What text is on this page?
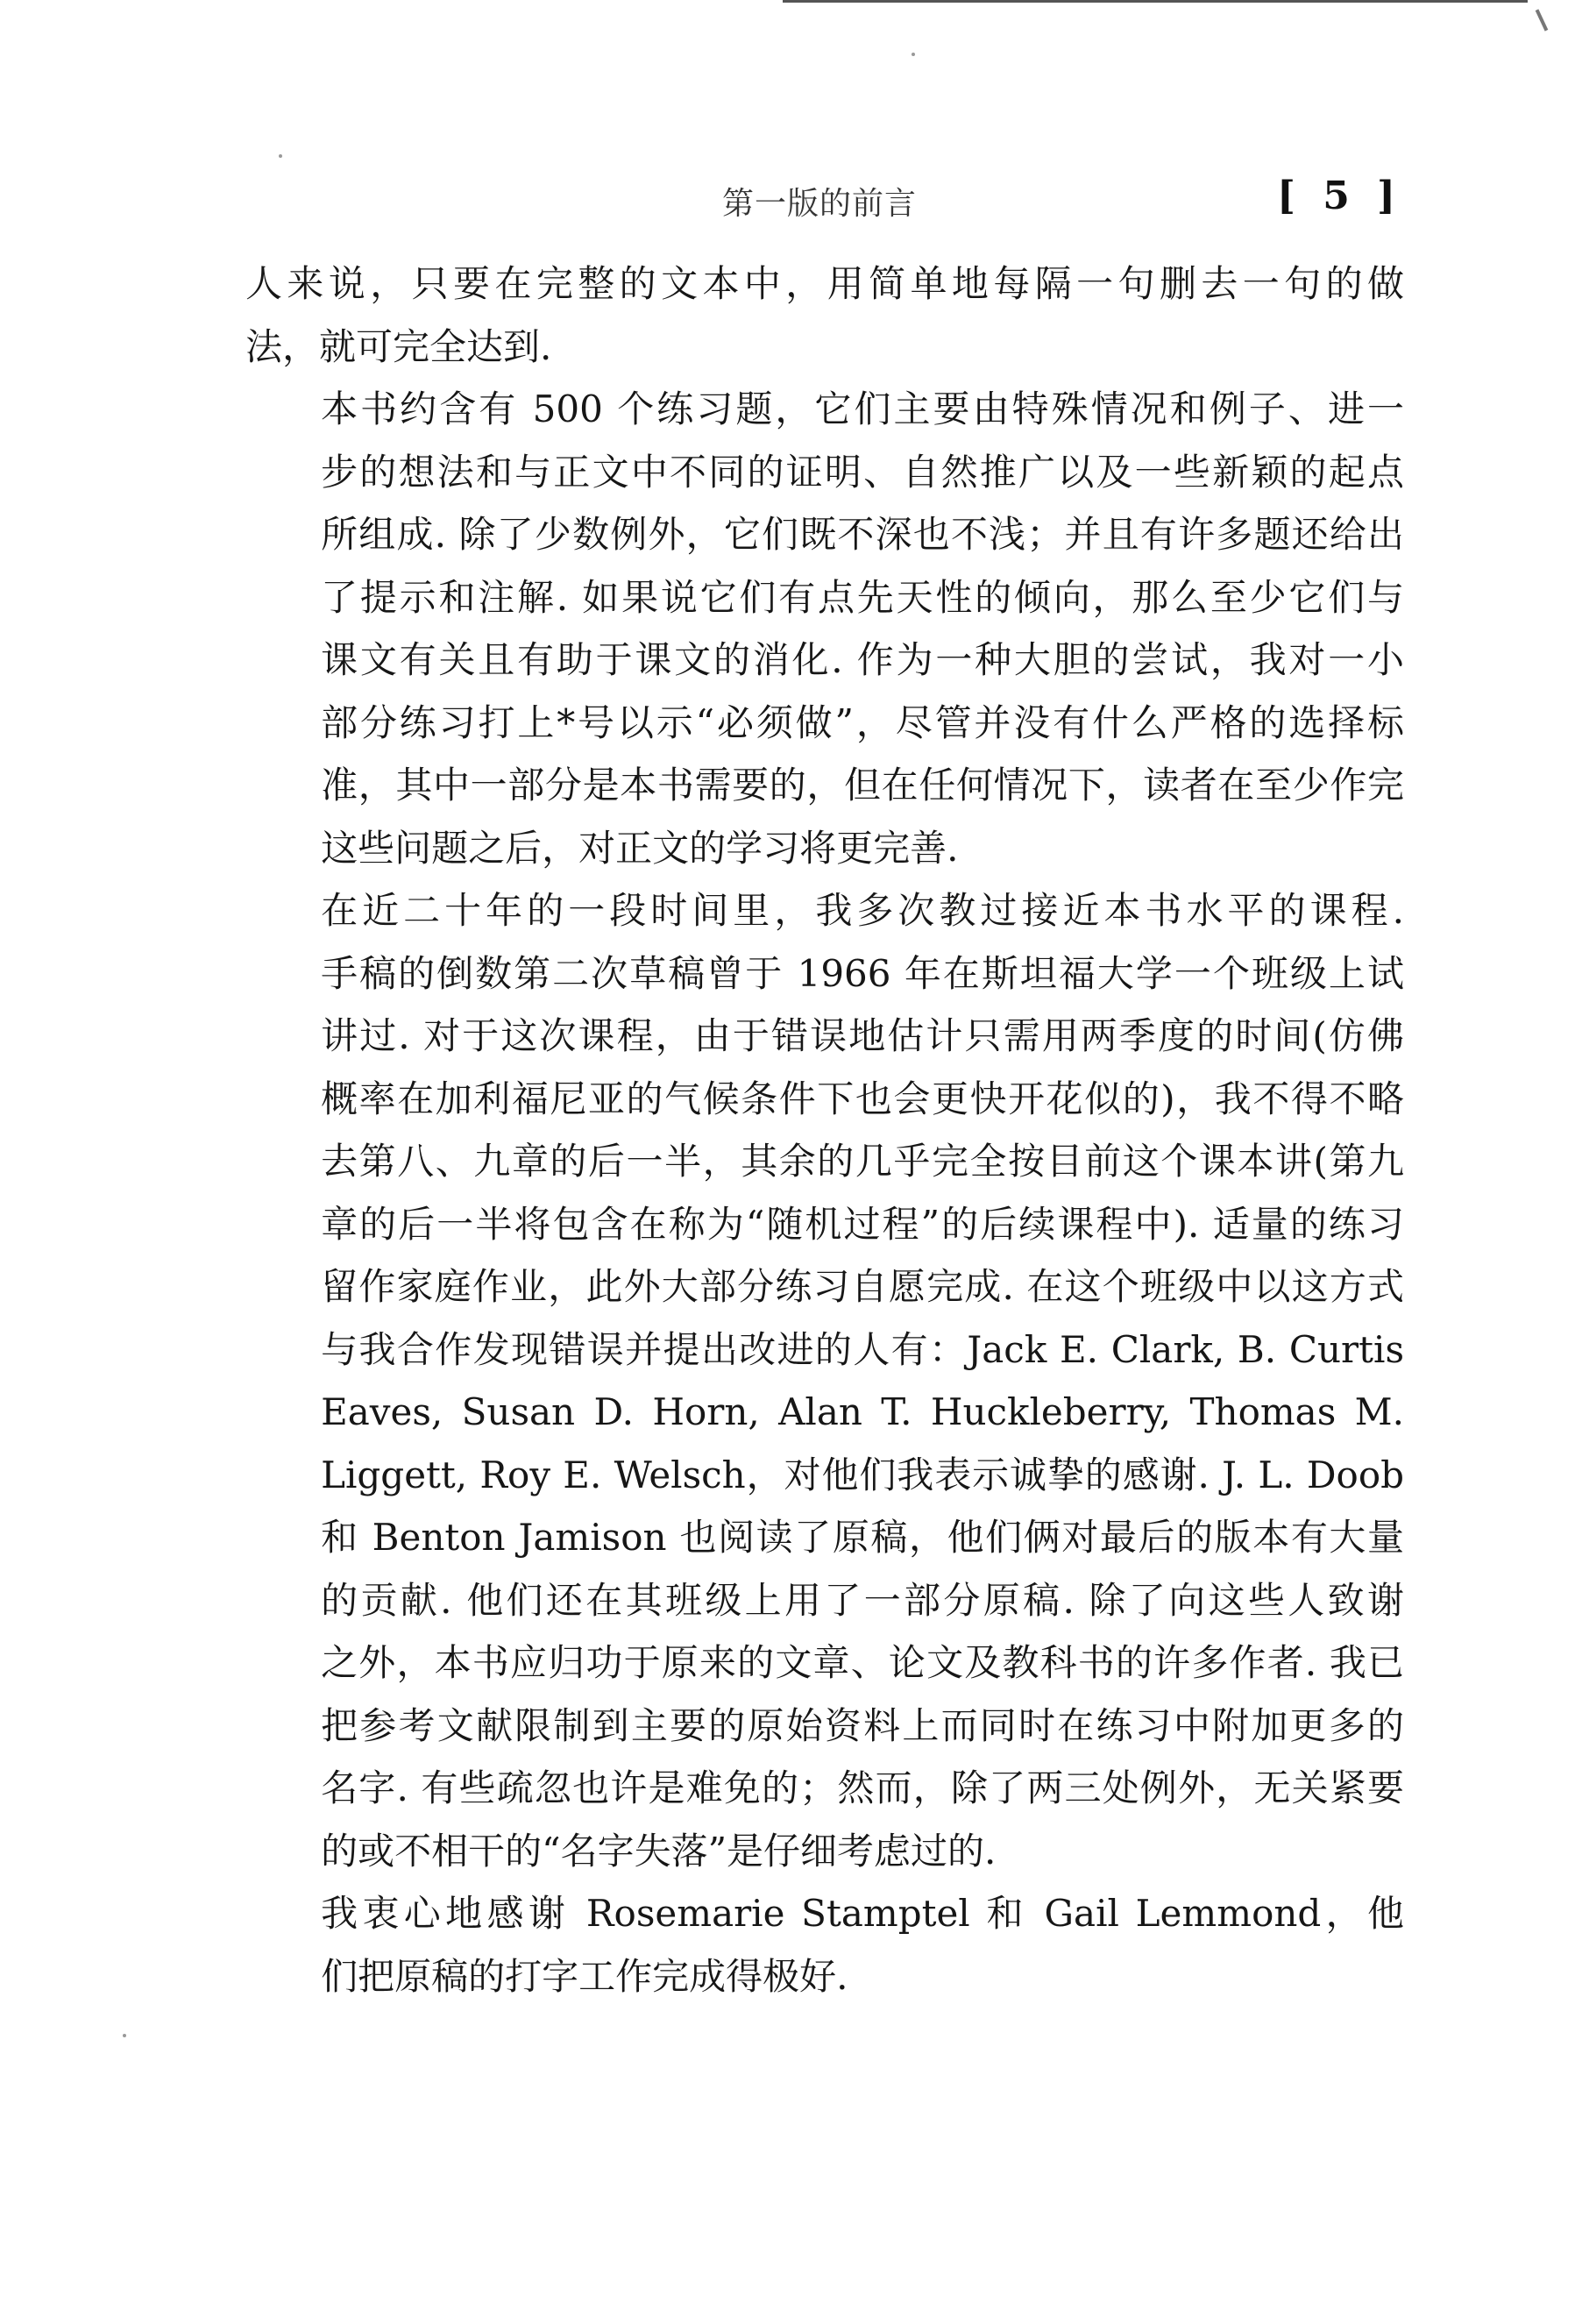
第一版的前言	[ 5 ]

人来说，只要在完整的文本中，用简单地每隔一句删去一句的做
法，就可完全达到.

本书约含有 500 个练习题，它们主要由特殊情况和例子、进一
步的想法和与正文中不同的证明、自然推广以及一些新颖的起点
所组成. 除了少数例外，它们既不深也不浅；并且有许多题还给出
了提示和注解. 如果说它们有点先天性的倾向，那么至少它们与
课文有关且有助于课文的消化. 作为一种大胆的尝试，我对一小
部分练习打上*号以示“必须做”，尽管并没有什么严格的选择标
准，其中一部分是本书需要的，但在任何情况下，读者在至少作完
这些问题之后，对正文的学习将更完善.

在近二十年的一段时间里，我多次教过接近本书水平的课程.
手稿的倒数第二次草稿曾于 1966 年在斯坦福大学一个班级上试
讲过. 对于这次课程，由于错误地估计只需用两季度的时间(仿佛
概率在加利福尼亚的气候条件下也会更快开花似的)，我不得不略
去第八、九章的后一半，其余的几乎完全按目前这个课本讲(第九
章的后一半将包含在称为“随机过程”的后续课程中). 适量的练习
留作家庭作业，此外大部分练习自愿完成. 在这个班级中以这方式
与我合作发现错误并提出改进的人有：Jack E. Clark, B. Curtis
Eaves, Susan D. Horn, Alan T. Huckleberry, Thomas M.
Liggett, Roy E. Welsch，对他们我表示诚挚的感谢. J. L. Doob
和 Benton Jamison 也阅读了原稿，他们俩对最后的版本有大量
的贡献. 他们还在其班级上用了一部分原稿. 除了向这些人致谢
之外，本书应归功于原来的文章、论文及教科书的许多作者. 我已
把参考文献限制到主要的原始资料上而同时在练习中附加更多的
名字. 有些疏忽也许是难免的；然而，除了两三处例外，无关紧要
的或不相干的“名字失落”是仔细考虑过的.

我衷心地感谢 Rosemarie Stamptel 和 Gail Lemmond，他
们把原稿的打字工作完成得极好.
